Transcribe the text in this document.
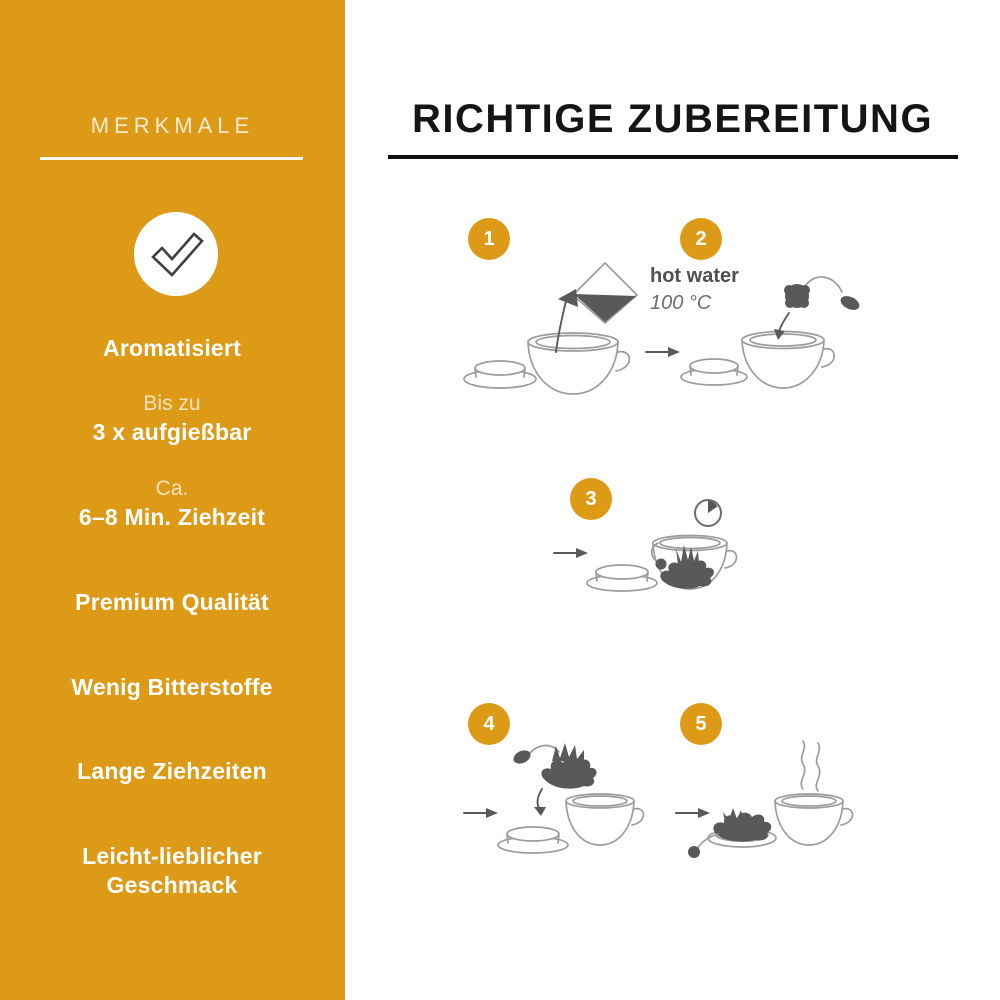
MERKMALE
Aromatisiert
Bis zu
3 x aufgießbar
Ca.
6–8 Min. Ziehzeit
Premium Qualität
Wenig Bitterstoffe
Lange Ziehzeiten
Leicht-lieblicher Geschmack
RICHTIGE ZUBEREITUNG
1	2
3
4	5
hot water
100 °C
